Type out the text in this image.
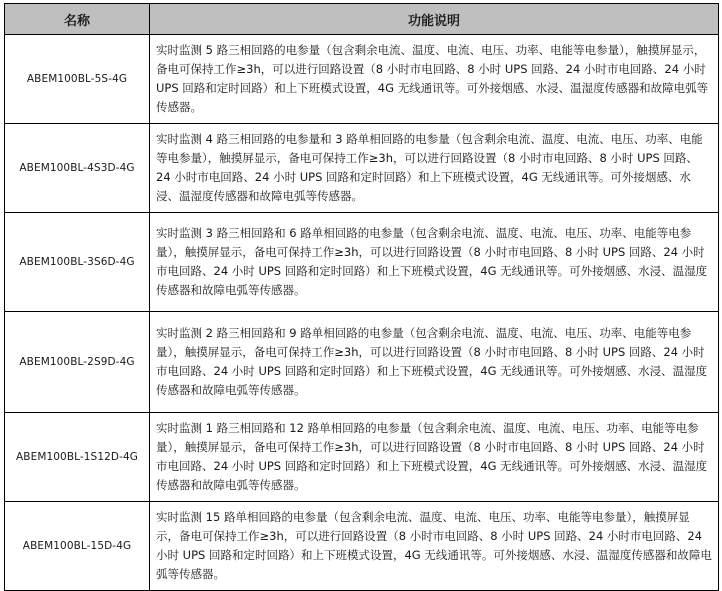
名称	功能说明
ABEM100BL-5S-4G	实时监测 5 路三相回路的电参量（包含剩余电流、温度、电流、电压、功率、电能等电参量），触摸屏显示，备电可保持工作≥3h，可以进行回路设置（8 小时市电回路、8 小时 UPS 回路、24 小时市电回路、24 小时 UPS 回路和定时回路）和上下班模式设置，4G 无线通讯等。可外接烟感、水浸、温湿度传感器和故障电弧等传感器。
ABEM100BL-4S3D-4G	实时监测 4 路三相回路的电参量和 3 路单相回路的电参量（包含剩余电流、温度、电流、电压、功率、电能等电参量），触摸屏显示，备电可保持工作≥3h，可以进行回路设置（8 小时市电回路、8 小时 UPS 回路、24 小时市电回路、24 小时 UPS 回路和定时回路）和上下班模式设置，4G 无线通讯等。可外接烟感、水浸、温湿度传感器和故障电弧等传感器。
ABEM100BL-3S6D-4G	实时监测 3 路三相回路和 6 路单相回路的电参量（包含剩余电流、温度、电流、电压、功率、电能等电参量），触摸屏显示，备电可保持工作≥3h，可以进行回路设置（8 小时市电回路、8 小时 UPS 回路、24 小时市电回路、24 小时 UPS 回路和定时回路）和上下班模式设置，4G 无线通讯等。可外接烟感、水浸、温湿度传感器和故障电弧等传感器。
ABEM100BL-2S9D-4G	实时监测 2 路三相回路和 9 路单相回路的电参量（包含剩余电流、温度、电流、电压、功率、电能等电参量），触摸屏显示，备电可保持工作≥3h，可以进行回路设置（8 小时市电回路、8 小时 UPS 回路、24 小时市电回路、24 小时 UPS 回路和定时回路）和上下班模式设置，4G 无线通讯等。可外接烟感、水浸、温湿度传感器和故障电弧等传感器。
ABEM100BL-1S12D-4G	实时监测 1 路三相回路和 12 路单相回路的电参量（包含剩余电流、温度、电流、电压、功率、电能等电参量），触摸屏显示，备电可保持工作≥3h，可以进行回路设置（8 小时市电回路、8 小时 UPS 回路、24 小时市电回路、24 小时 UPS 回路和定时回路）和上下班模式设置，4G 无线通讯等。可外接烟感、水浸、温湿度传感器和故障电弧等传感器。
ABEM100BL-15D-4G	实时监测 15 路单相回路的电参量（包含剩余电流、温度、电流、电压、功率、电能等电参量），触摸屏显示，备电可保持工作≥3h，可以进行回路设置（8 小时市电回路、8 小时 UPS 回路、24 小时市电回路、24 小时 UPS 回路和定时回路）和上下班模式设置，4G 无线通讯等。可外接烟感、水浸、温湿度传感器和故障电弧等传感器。
